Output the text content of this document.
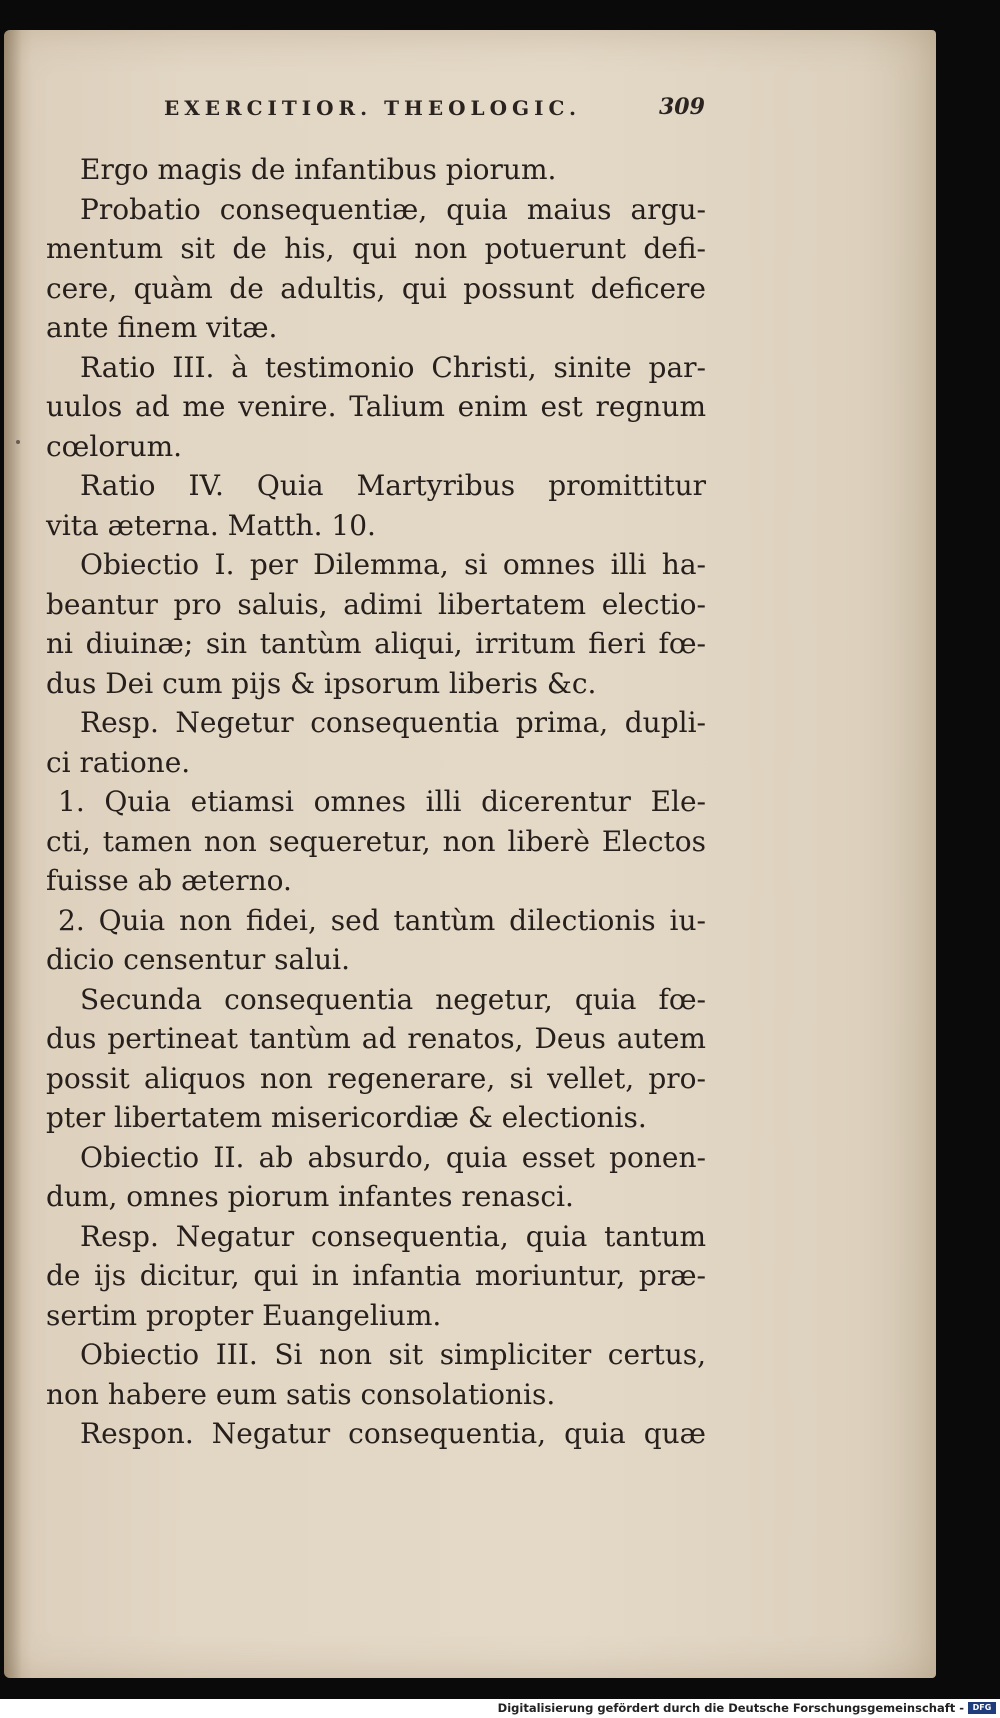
EXERCITIOR. THEOLOGIC.	309
Ergo magis de infantibus piorum.
Probatio consequentiæ, quia maius argu-
mentum sit de his, qui non potuerunt defi-
cere, quàm de adultis, qui possunt deficere
ante finem vitæ.
Ratio III. à testimonio Christi, sinite par-
uulos ad me venire. Talium enim est regnum
cœlorum.
Ratio IV. Quia Martyribus promittitur
vita æterna. Matth. 10.
Obiectio I. per Dilemma, si omnes illi ha-
beantur pro saluis, adimi libertatem electio-
ni diuinæ; sin tantùm aliqui, irritum fieri fœ-
dus Dei cum pijs & ipsorum liberis &c.
Resp. Negetur consequentia prima, dupli-
ci ratione.
1. Quia etiamsi omnes illi dicerentur Ele-
cti, tamen non sequeretur, non liberè Electos
fuisse ab æterno.
2. Quia non fidei, sed tantùm dilectionis iu-
dicio censentur salui.
Secunda consequentia negetur, quia fœ-
dus pertineat tantùm ad renatos, Deus autem
possit aliquos non regenerare, si vellet, pro-
pter libertatem misericordiæ & electionis.
Obiectio II. ab absurdo, quia esset ponen-
dum, omnes piorum infantes renasci.
Resp. Negatur consequentia, quia tantum
de ijs dicitur, qui in infantia moriuntur, præ-
sertim propter Euangelium.
Obiectio III. Si non sit simpliciter certus,
non habere eum satis consolationis.
Respon. Negatur consequentia, quia quæ
Digitalisierung gefördert durch die Deutsche Forschungsgemeinschaft -	DFG
